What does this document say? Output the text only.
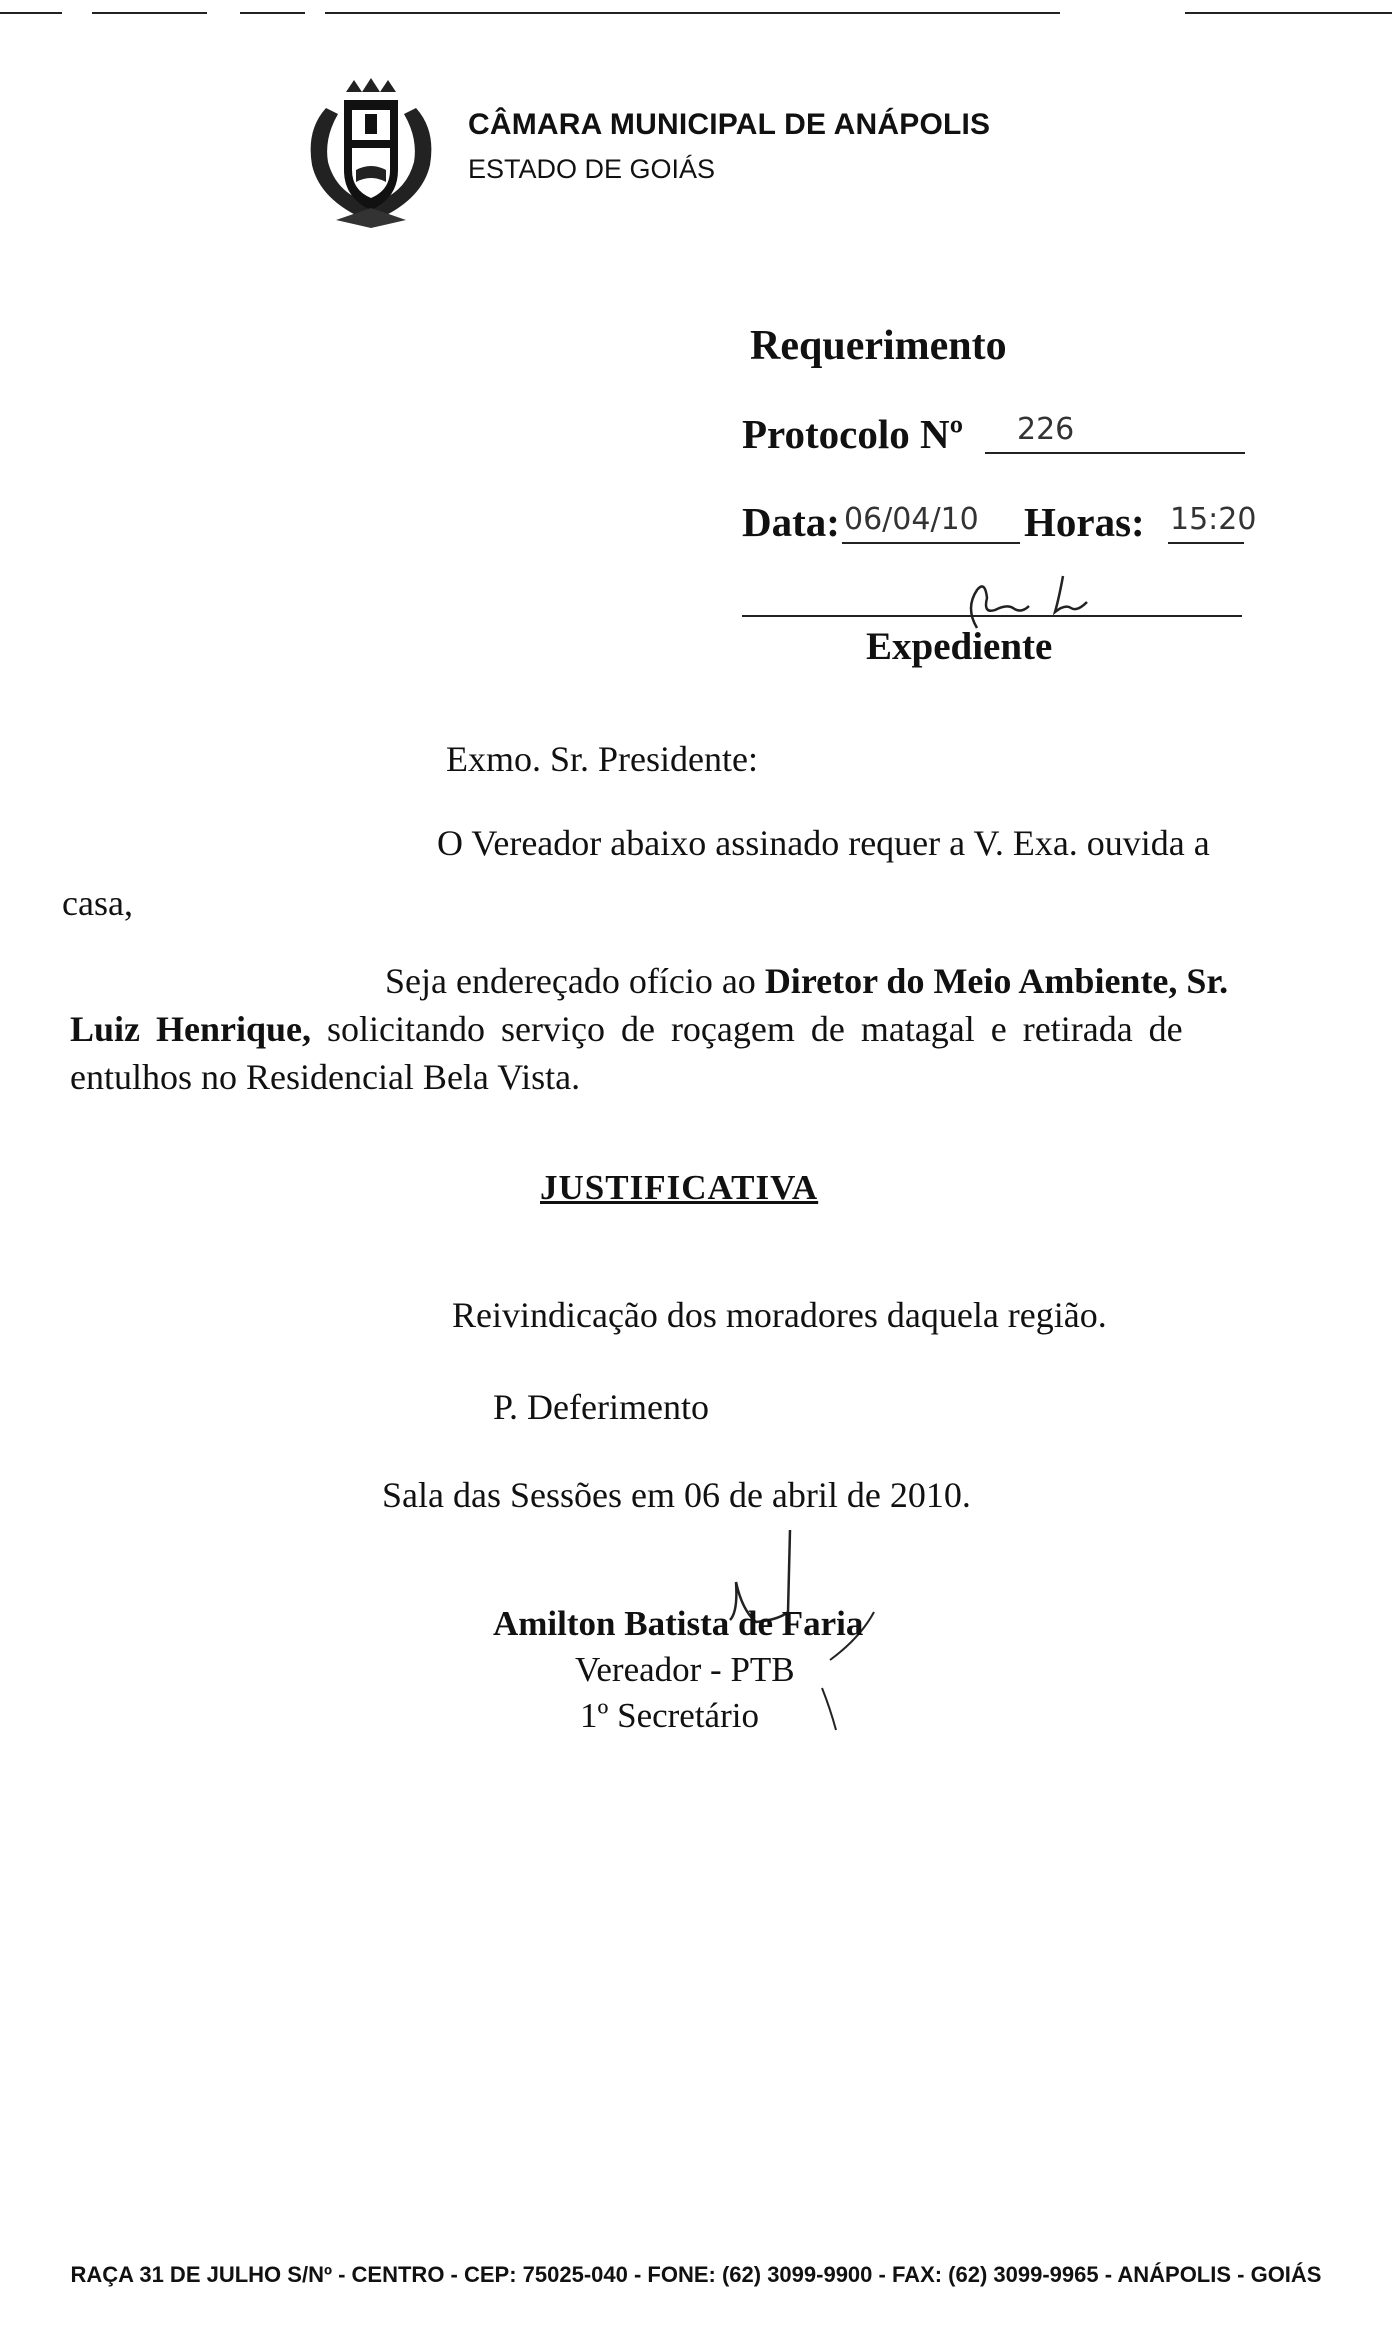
CÂMARA MUNICIPAL DE ANÁPOLIS
ESTADO DE GOIÁS
Requerimento
Protocolo Nº 226
Data: 06/04/10 Horas: 15:20
Expediente
Exmo. Sr. Presidente:
O Vereador abaixo assinado requer a V. Exa. ouvida a
casa,
Seja endereçado ofício ao Diretor do Meio Ambiente, Sr.
Luiz Henrique, solicitando serviço de roçagem de matagal e retirada de
entulhos no Residencial Bela Vista.
JUSTIFICATIVA
Reivindicação dos moradores daquela região.
P. Deferimento
Sala das Sessões em 06 de abril de 2010.
Amilton Batista de Faria
Vereador - PTB
1º Secretário
RAÇA 31 DE JULHO S/Nº - CENTRO - CEP: 75025-040 - FONE: (62) 3099-9900 - FAX: (62) 3099-9965 - ANÁPOLIS - GOIÁS
